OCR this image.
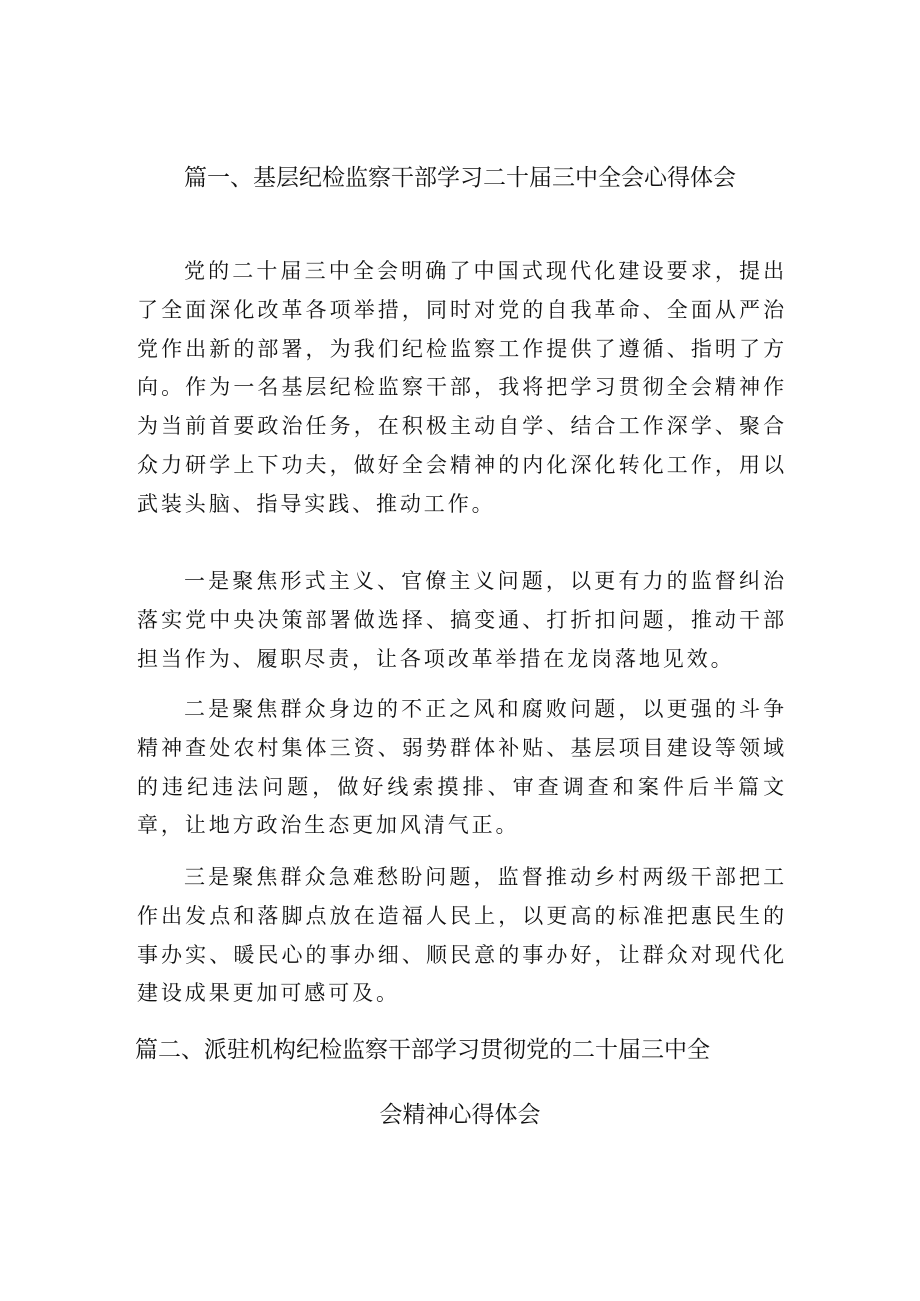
篇一、基层纪检监察干部学习二十届三中全会心得体会

党的二十届三中全会明确了中国式现代化建设要求，提出了全面深化改革各项举措，同时对党的自我革命、全面从严治党作出新的部署，为我们纪检监察工作提供了遵循、指明了方向。作为一名基层纪检监察干部，我将把学习贯彻全会精神作为当前首要政治任务，在积极主动自学、结合工作深学、聚合众力研学上下功夫，做好全会精神的内化深化转化工作，用以武装头脑、指导实践、推动工作。

一是聚焦形式主义、官僚主义问题，以更有力的监督纠治落实党中央决策部署做选择、搞变通、打折扣问题，推动干部担当作为、履职尽责，让各项改革举措在龙岗落地见效。

二是聚焦群众身边的不正之风和腐败问题，以更强的斗争精神查处农村集体三资、弱势群体补贴、基层项目建设等领域的违纪违法问题，做好线索摸排、审查调查和案件后半篇文章，让地方政治生态更加风清气正。

三是聚焦群众急难愁盼问题，监督推动乡村两级干部把工作出发点和落脚点放在造福人民上，以更高的标准把惠民生的事办实、暖民心的事办细、顺民意的事办好，让群众对现代化建设成果更加可感可及。

篇二、派驻机构纪检监察干部学习贯彻党的二十届三中全
会精神心得体会
